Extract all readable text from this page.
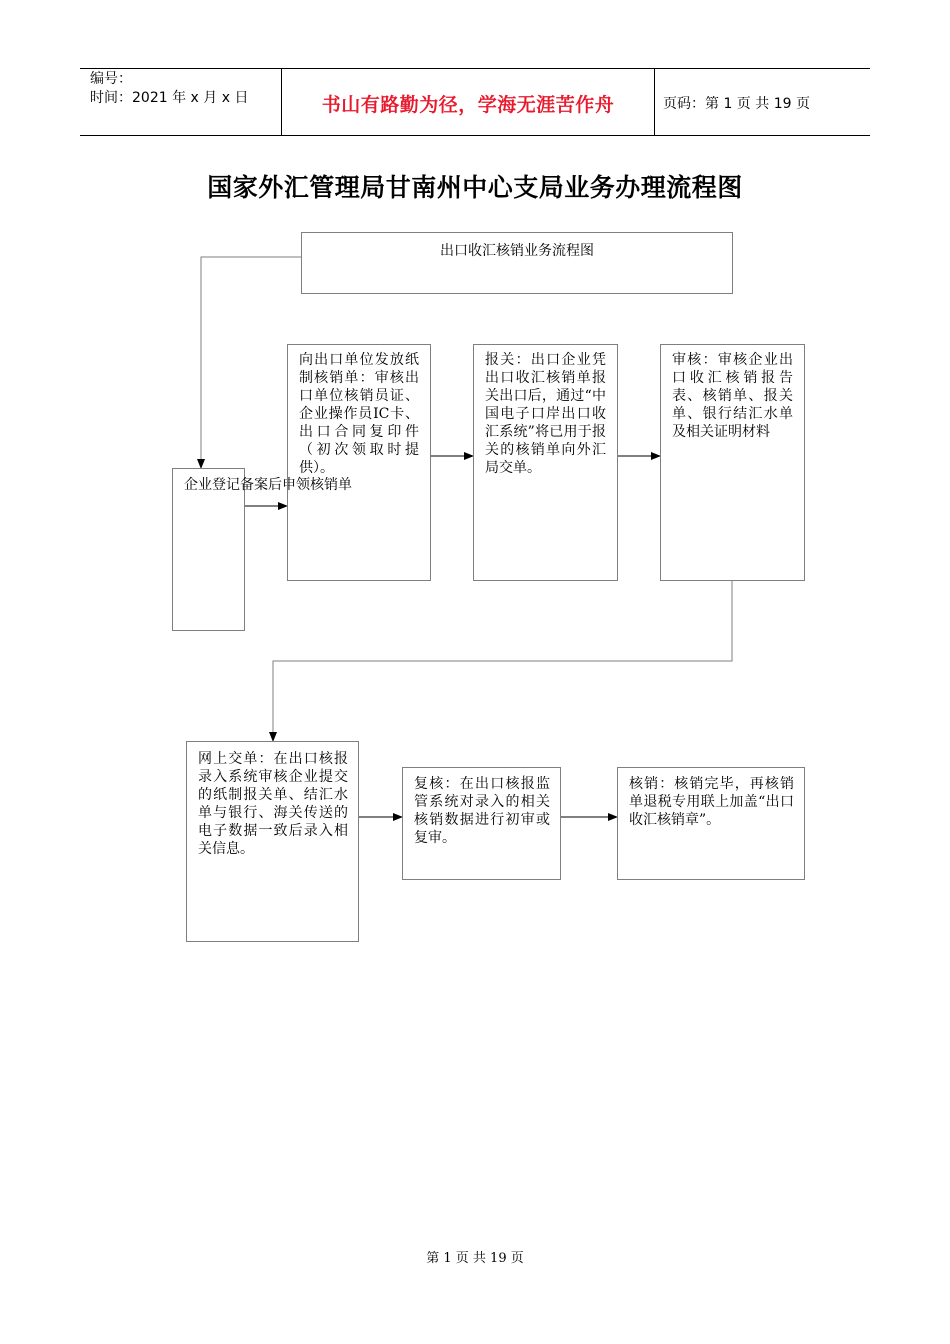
编号：
时间：2021 年 x 月 x 日	书山有路勤为径，学海无涯苦作舟	页码：第 1 页 共 19 页
国家外汇管理局甘南州中心支局业务办理流程图
出口收汇核销业务流程图
企业登记备案后申领核销单
向出口单位发放纸制核销单：审核出口单位核销员证、企业操作员IC卡、出口合同复印件（初次领取时提供）。
报关：出口企业凭出口收汇核销单报关出口后，通过“中国电子口岸出口收汇系统”将已用于报关的核销单向外汇局交单。
审核：审核企业出口收汇核销报告表、核销单、报关单、银行结汇水单及相关证明材料
网上交单：在出口核报录入系统审核企业提交的纸制报关单、结汇水单与银行、海关传送的电子数据一致后录入相关信息。
复核：在出口核报监管系统对录入的相关核销数据进行初审或复审。
核销：核销完毕，再核销单退税专用联上加盖“出口收汇核销章”。
第 1 页 共 19 页
